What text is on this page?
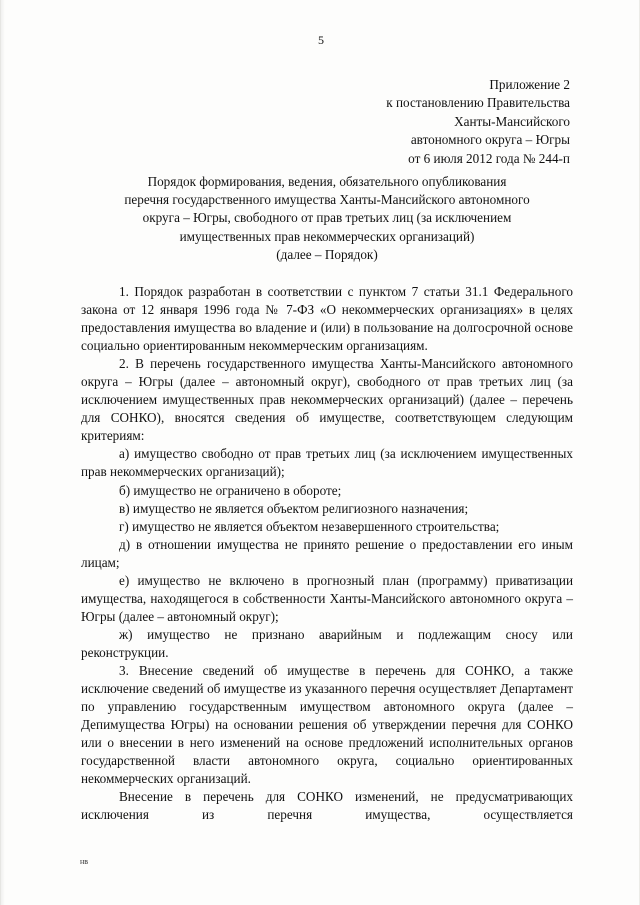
5
Приложение 2
к постановлению Правительства
Ханты-Мансийского
автономного округа – Югры
от 6 июля 2012 года № 244-п
Порядок формирования, ведения, обязательного опубликования
перечня государственного имущества Ханты-Мансийского автономного
округа – Югры, свободного от прав третьих лиц (за исключением
имущественных прав некоммерческих организаций)
(далее – Порядок)

1. Порядок разработан в соответствии с пунктом 7 статьи 31.1 Федерального закона от 12 января 1996 года № 7-ФЗ «О некоммерческих организациях» в целях предоставления имущества во владение и (или) в пользование на долгосрочной основе социально ориентированным некоммерческим организациям.

2. В перечень государственного имущества Ханты-Мансийского автономного округа – Югры (далее – автономный округ), свободного от прав третьих лиц (за исключением имущественных прав некоммерческих организаций) (далее – перечень для СОНКО), вносятся сведения об имуществе, соответствующем следующим критериям:

а) имущество свободно от прав третьих лиц (за исключением имущественных прав некоммерческих организаций);

б) имущество не ограничено в обороте;

в) имущество не является объектом религиозного назначения;

г) имущество не является объектом незавершенного строительства;

д) в отношении имущества не принято решение о предоставлении его иным лицам;

е) имущество не включено в прогнозный план (программу) приватизации имущества, находящегося в собственности Ханты-Мансийского автономного округа – Югры (далее – автономный округ);

ж) имущество не признано аварийным и подлежащим сносу или реконструкции.

3. Внесение сведений об имуществе в перечень для СОНКО, а также исключение сведений об имуществе из указанного перечня осуществляет Департамент по управлению государственным имуществом автономного округа (далее – Депимущества Югры) на основании решения об утверждении перечня для СОНКО или о внесении в него изменений на основе предложений исполнительных органов государственной власти автономного округа, социально ориентированных некоммерческих организаций.

Внесение в перечень для СОНКО изменений, не предусматривающих исключения из перечня имущества, осуществляется

нв
